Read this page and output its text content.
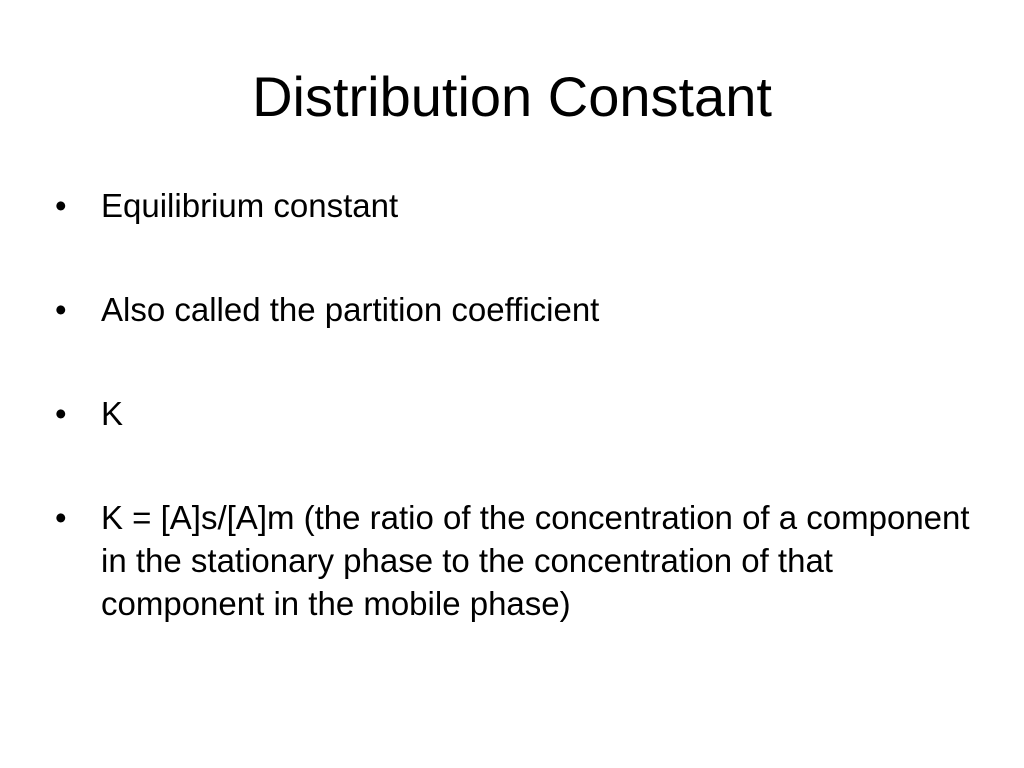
Distribution Constant
•	Equilibrium constant
•	Also called the partition coefficient
•	K
•	K = [A]s/[A]m (the ratio of the concentration of a component in the stationary phase to the concentration of that component in the mobile phase)
